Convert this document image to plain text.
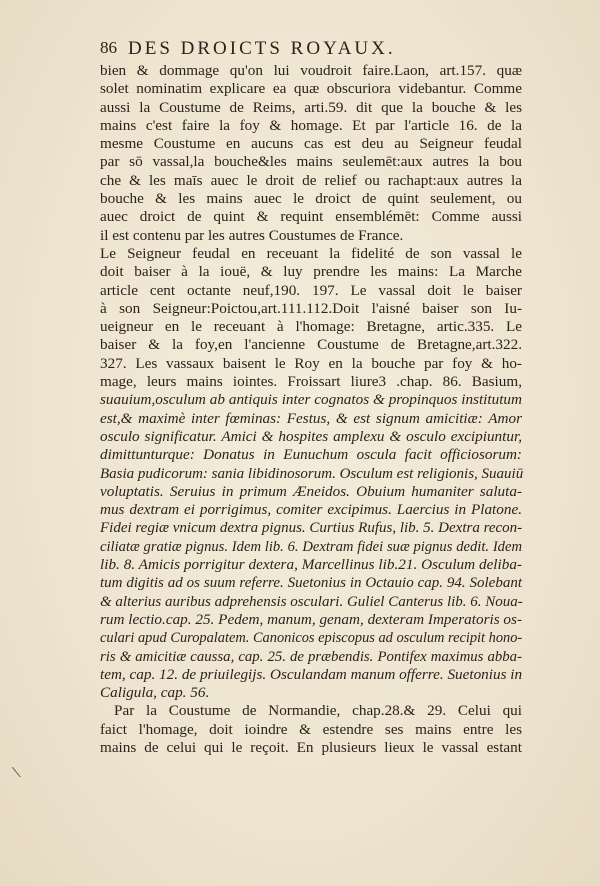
86 DES DROICTS ROYAUX.
bien & dommage qu'on lui voudroit faire.Laon, art.157. quæ
solet nominatim explicare ea quæ obscuriora videbantur. Comme
aussi la Coustume de Reims, arti.59. dit que la bouche & les
mains c'est faire la foy & homage. Et par l'article 16. de la
mesme Coustume en aucuns cas est deu au Seigneur feudal
par sō vassal,la bouche&les mains seulemēt:aux autres la bou
che & les maīs auec le droit de relief ou rachapt:aux autres la
bouche & les mains auec le droict de quint seulement, ou
auec droict de quint & requint ensemblémēt: Comme aussi
il est contenu par les autres Coustumes de France.
Le Seigneur feudal en receuant la fidelité de son vassal le
doit baiser à la iouë, & luy prendre les mains: La Marche
article cent octante neuf,190. 197. Le vassal doit le baiser
à son Seigneur:Poictou,art.111.112.Doit l'aisné baiser son Iu-
ueigneur en le receuant à l'homage: Bretagne, artic.335. Le
baiser & la foy,en l'ancienne Coustume de Bretagne,art.322.
327. Les vassaux baisent le Roy en la bouche par foy & ho-
mage, leurs mains iointes. Froissart liure3 .chap. 86. Basium,
suauium,osculum ab antiquis inter cognatos & propinquos institutum
est,& maximè inter fœminas: Festus, & est signum amicitiæ: Amor
osculo significatur. Amici & hospites amplexu & osculo excipiuntur,
dimittunturque: Donatus in Eunuchum oscula facit officiosorum:
Basia pudicorum: sania libidinosorum. Osculum est religionis, Suauiū
voluptatis. Seruius in primum Æneidos. Obuium humaniter saluta-
mus dextram ei porrigimus, comiter excipimus. Laercius in Platone.
Fidei regiæ vnicum dextra pignus. Curtius Rufus, lib. 5. Dextra recon-
ciliatæ gratiæ pignus. Idem lib. 6. Dextram fidei suæ pignus dedit. Idem
lib. 8. Amicis porrigitur dextera, Marcellinus lib.21. Osculum deliba-
tum digitis ad os suum referre. Suetonius in Octauio cap. 94. Solebant
& alterius auribus adprehensis osculari. Guliel Canterus lib. 6. Noua-
rum lectio.cap. 25. Pedem, manum, genam, dexteram Imperatoris os-
culari apud Curopalatem. Canonicos episcopus ad osculum recipit hono-
ris & amicitiæ caussa, cap. 25. de præbendis. Pontifex maximus abba-
tem, cap. 12. de priuilegijs. Osculandam manum offerre. Suetonius in
Caligula, cap. 56.
Par la Coustume de Normandie, chap.28.& 29. Celui qui
faict l'homage, doit ioindre & estendre ses mains entre les
mains de celui qui le reçoit. En plusieurs lieux le vassal estant
\
